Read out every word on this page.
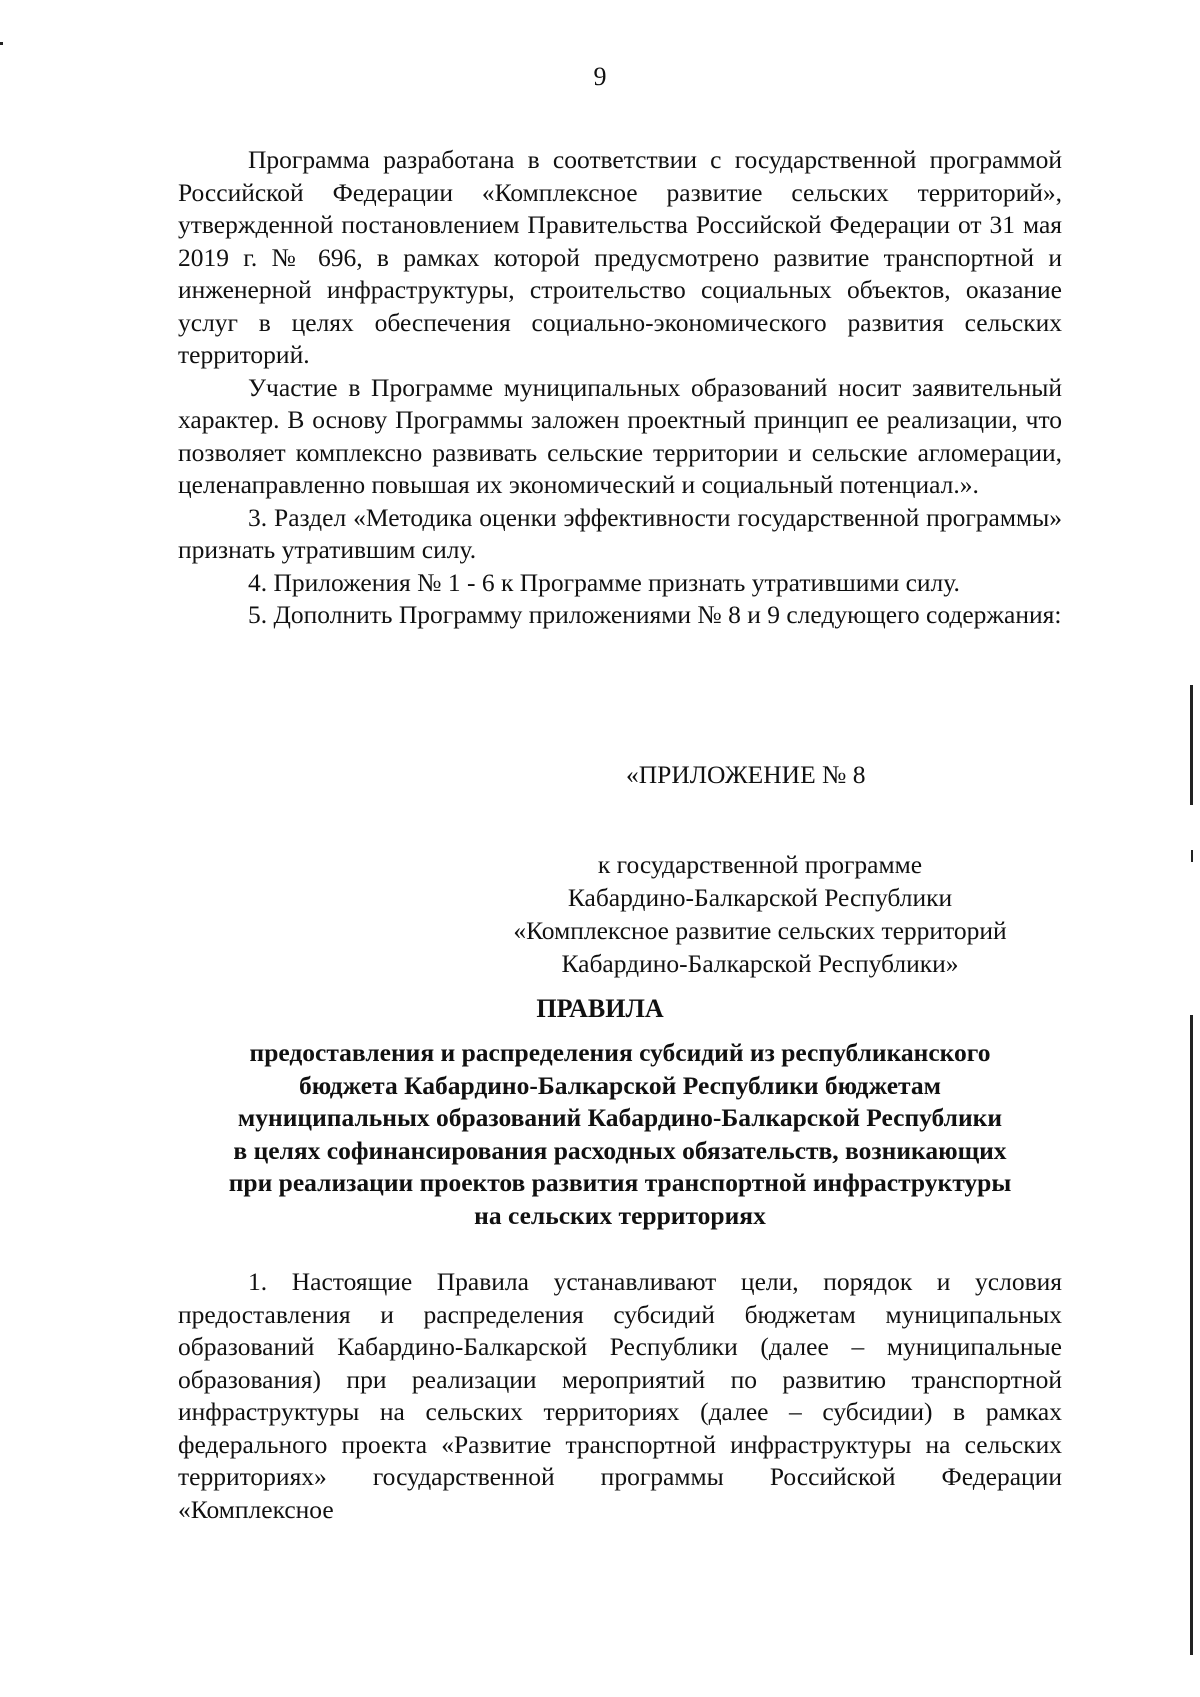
9

Программа разработана в соответствии с государственной программой Российской Федерации «Комплексное развитие сельских территорий», утвержденной постановлением Правительства Российской Федерации от 31 мая 2019 г. № 696, в рамках которой предусмотрено развитие транспортной и инженерной инфраструктуры, строительство социальных объектов, оказание услуг в целях обеспечения социально-экономического развития сельских территорий.

Участие в Программе муниципальных образований носит заявительный характер. В основу Программы заложен проектный принцип ее реализации, что позволяет комплексно развивать сельские территории и сельские агломерации, целенаправленно повышая их экономический и социальный потенциал.».

3. Раздел «Методика оценки эффективности государственной программы» признать утратившим силу.

4. Приложения № 1 - 6 к Программе признать утратившими силу.

5. Дополнить Программу приложениями № 8 и 9 следующего содержания:

«ПРИЛОЖЕНИЕ № 8
к государственной программе
Кабардино-Балкарской Республики
«Комплексное развитие сельских территорий
Кабардино-Балкарской Республики»
ПРАВИЛА
предоставления и распределения субсидий из республиканского
бюджета Кабардино-Балкарской Республики бюджетам
муниципальных образований Кабардино-Балкарской Республики
в целях софинансирования расходных обязательств, возникающих
при реализации проектов развития транспортной инфраструктуры
на сельских территориях

1. Настоящие Правила устанавливают цели, порядок и условия предоставления и распределения субсидий бюджетам муниципальных образований Кабардино-Балкарской Республики (далее – муниципальные образования) при реализации мероприятий по развитию транспортной инфраструктуры на сельских территориях (далее – субсидии) в рамках федерального проекта «Развитие транспортной инфраструктуры на сельских территориях» государственной программы Российской Федерации «Комплексное
